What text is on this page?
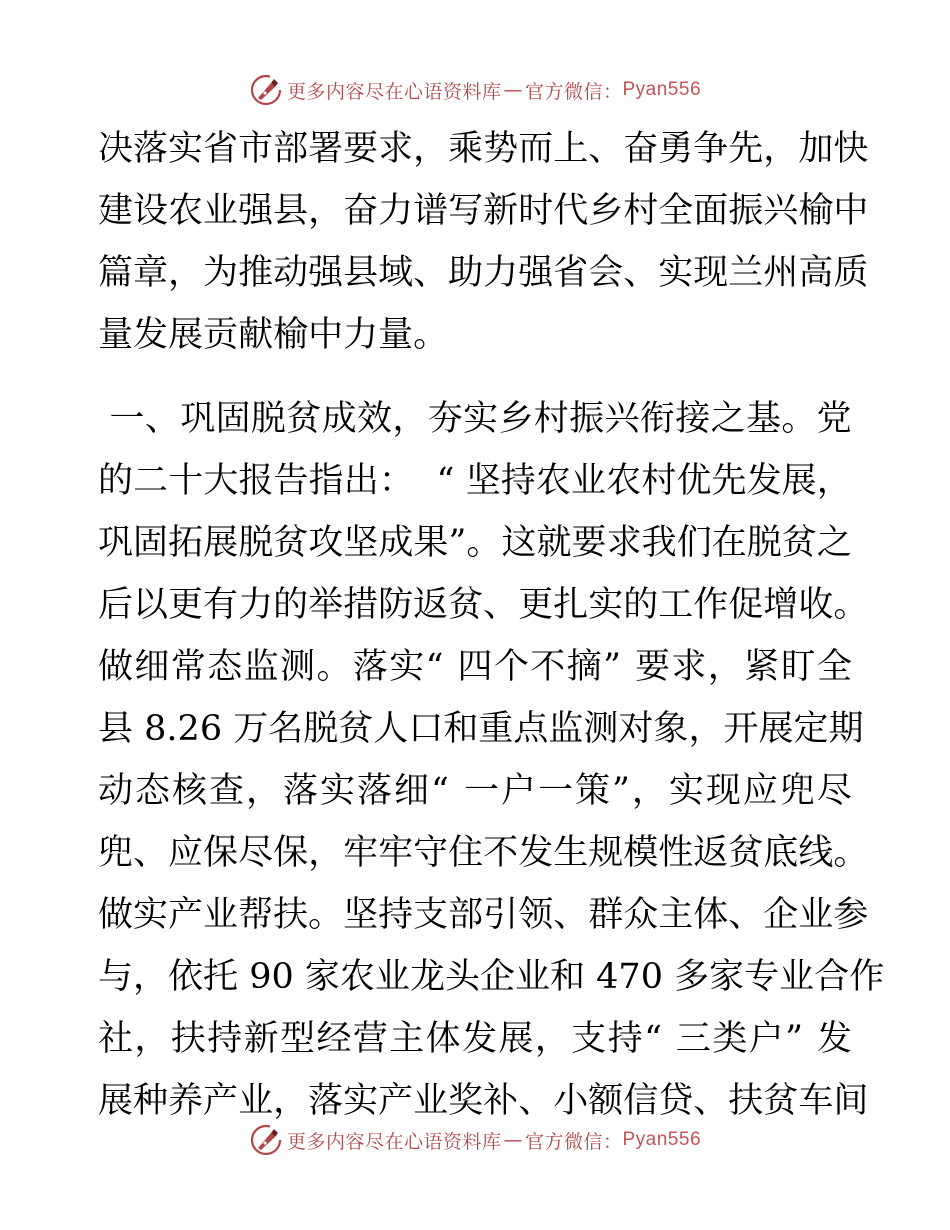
更多内容尽在心语资料库 — 官方微信： Pyan556
决 落 实 省 市 部 署 要 求 ， 乘 势 而 上 、 奋 勇 争 先 ， 加 快
建 设 农 业 强 县 ， 奋 力 谱 写 新 时 代 乡 村 全 面 振 兴 榆 中
篇 章 ， 为 推 动 强 县 域 、 助 力 强 省 会 、 实 现 兰 州 高 质
量 发 展 贡 献 榆 中 力 量 。

一 、 巩 固 脱 贫 成 效 ， 夯 实 乡 村 振 兴 衔 接 之 基 。 党
的 二 十 大 报 告 指 出 ：

“
坚 持 农 业 农 村 优 先 发 展 ，
巩 固 拓 展 脱 贫 攻 坚 成 果 ” 。 这 就 要 求 我 们 在 脱 贫 之
后 以 更 有 力 的 举 措 防 返 贫 、 更 扎 实 的 工 作 促 增 收 。
做 细 常 态 监 测 。 落 实 “
四 个 不 摘 ”
要 求 ， 紧 盯 全
县
8.26
万 名 脱 贫 人 口 和 重 点 监 测 对 象 ， 开 展 定 期
动 态 核 查 ， 落 实 落 细 “
一 户 一 策 ” ， 实 现 应 兜 尽
兜 、 应 保 尽 保 ， 牢 牢 守 住 不 发 生 规 模 性 返 贫 底 线 。
做 实 产 业 帮 扶 。 坚 持 支 部 引 领 、 群 众 主 体 、 企 业 参
与 ， 依 托
90
家 农 业 龙 头 企 业 和
470
多 家 专 业 合 作
社 ， 扶 持 新 型 经 营 主 体 发 展 ， 支 持 “
三 类 户 ”
发
展 种 养 产 业 ， 落 实 产 业 奖 补 、 小 额 信 贷 、 扶 贫 车 间
更多内容尽在心语资料库 — 官方微信： Pyan556
